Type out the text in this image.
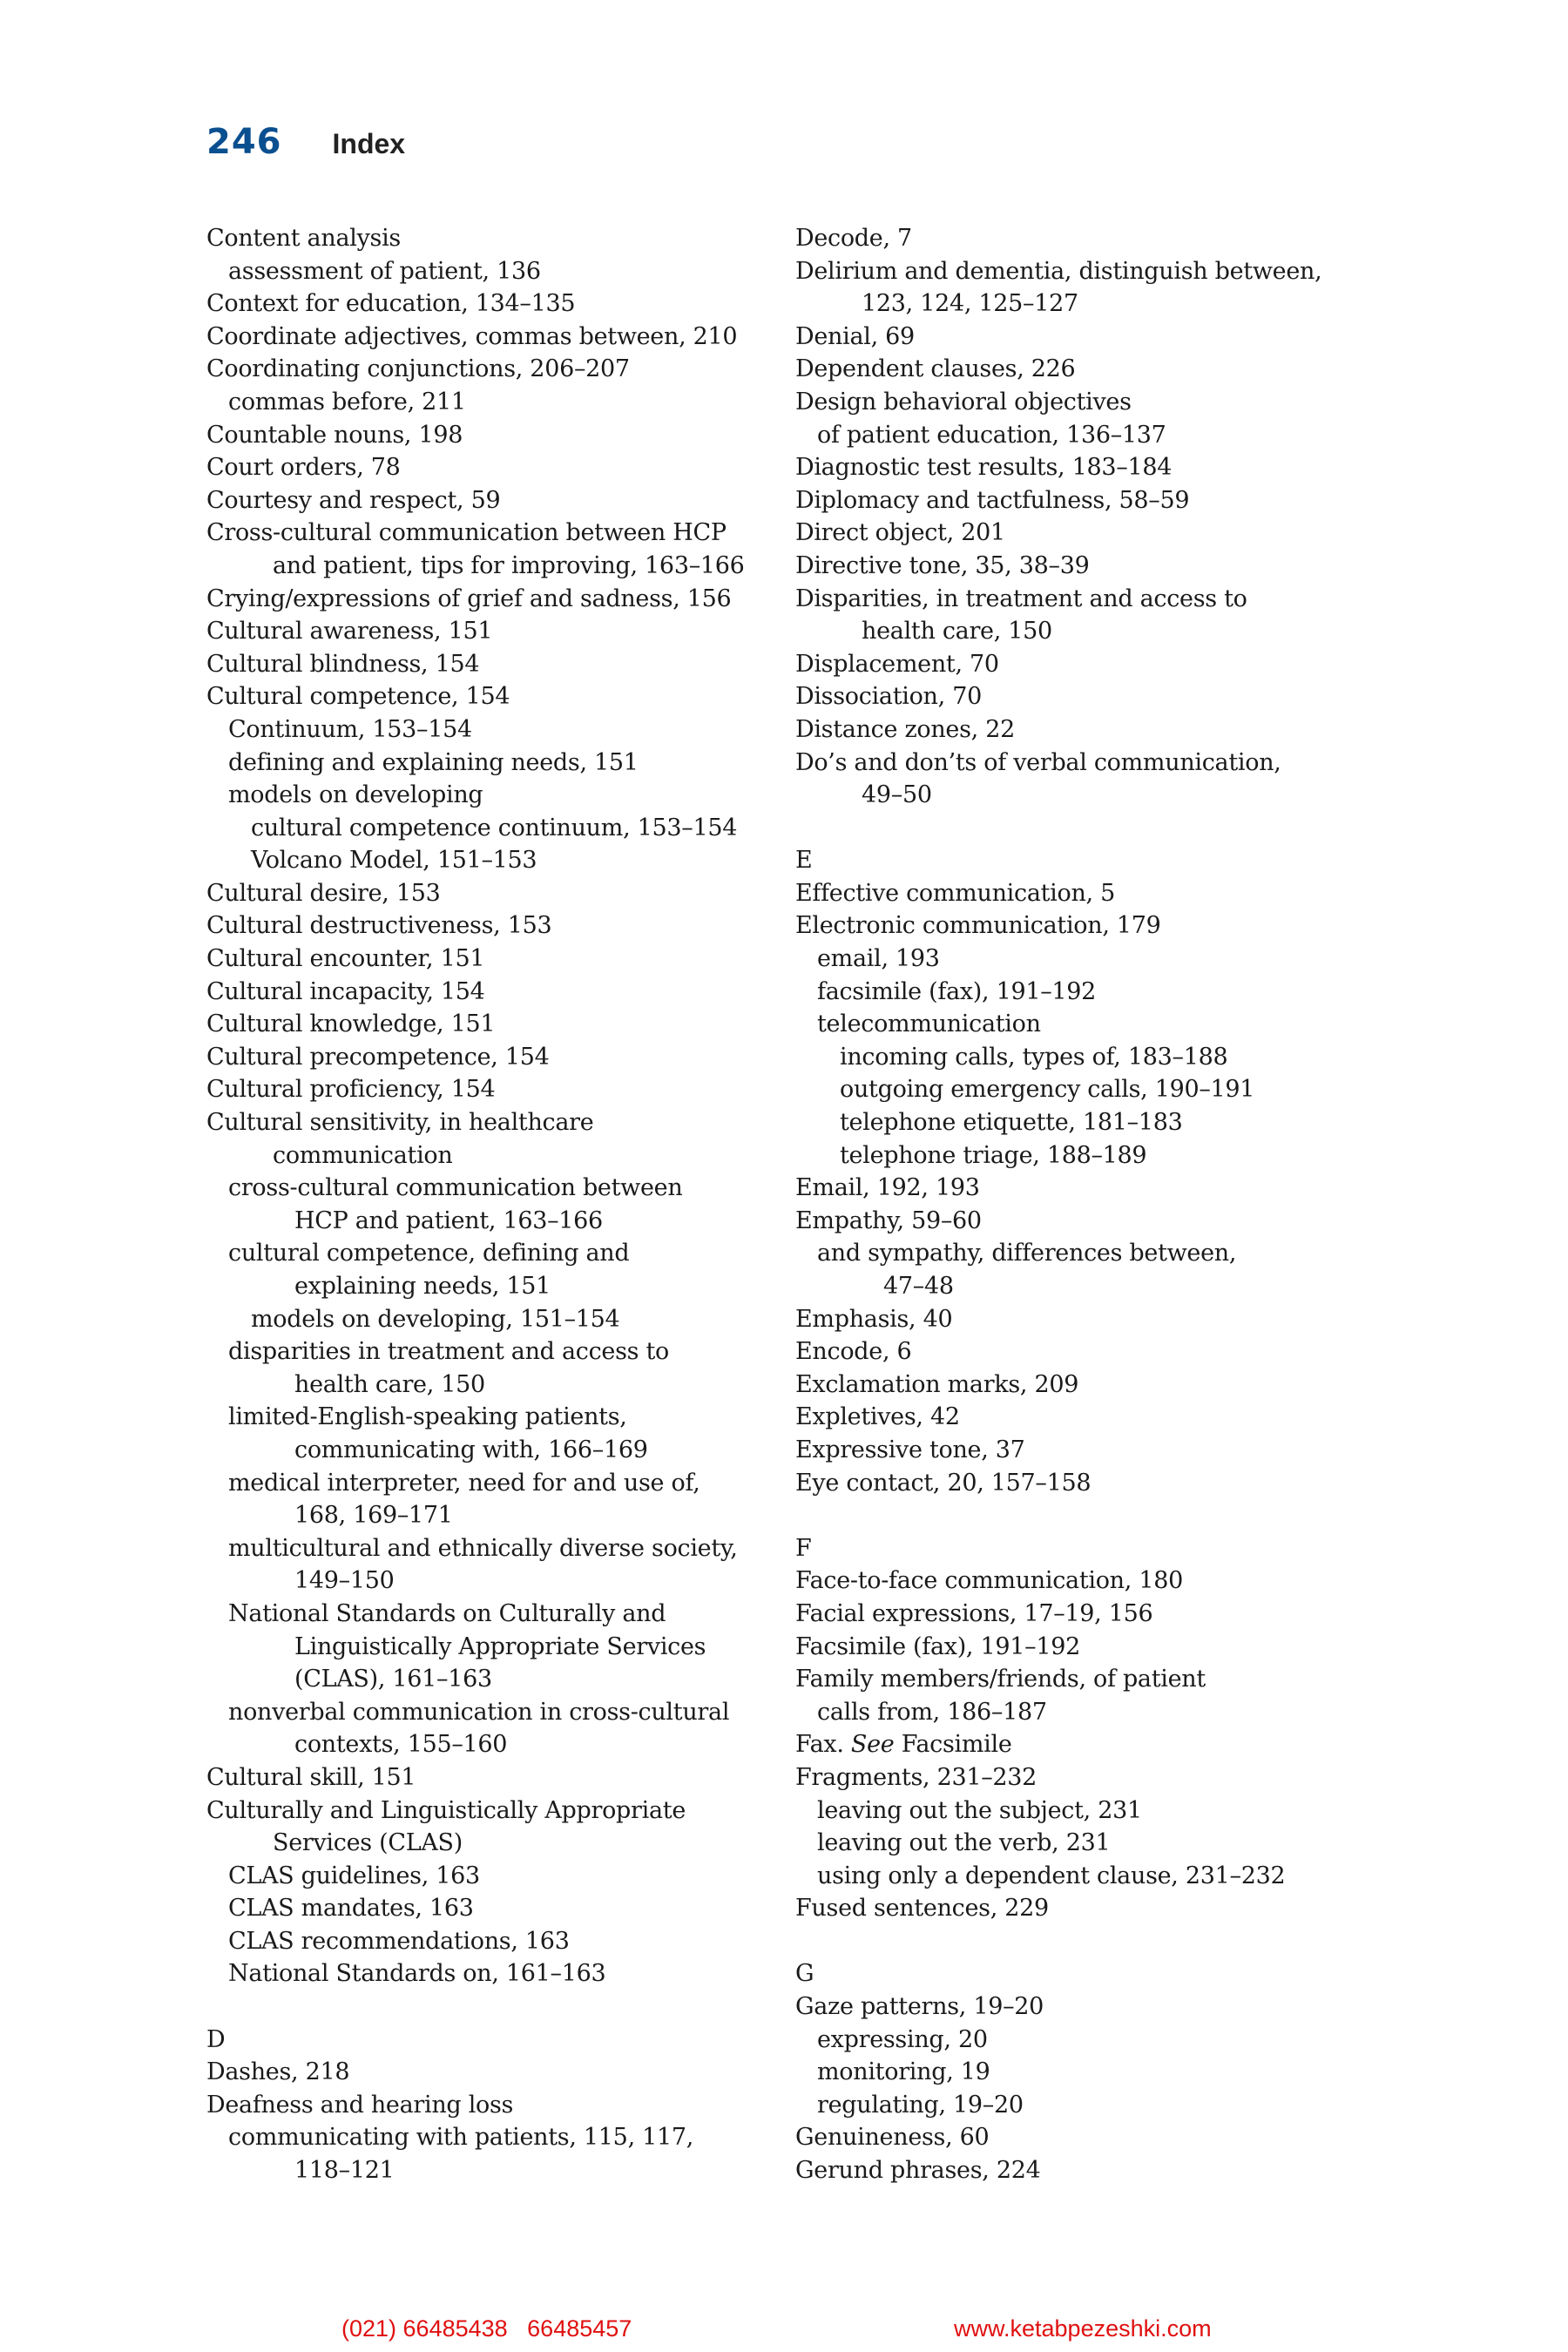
246 Index
Content analysis
assessment of patient, 136
Context for education, 134–135
Coordinate adjectives, commas between, 210
Coordinating conjunctions, 206–207
commas before, 211
Countable nouns, 198
Court orders, 78
Courtesy and respect, 59
Cross-cultural communication between HCP
and patient, tips for improving, 163–166
Crying/expressions of grief and sadness, 156
Cultural awareness, 151
Cultural blindness, 154
Cultural competence, 154
Continuum, 153–154
defining and explaining needs, 151
models on developing
cultural competence continuum, 153–154
Volcano Model, 151–153
Cultural desire, 153
Cultural destructiveness, 153
Cultural encounter, 151
Cultural incapacity, 154
Cultural knowledge, 151
Cultural precompetence, 154
Cultural proficiency, 154
Cultural sensitivity, in healthcare
communication
cross-cultural communication between
HCP and patient, 163–166
cultural competence, defining and
explaining needs, 151
models on developing, 151–154
disparities in treatment and access to
health care, 150
limited-English-speaking patients,
communicating with, 166–169
medical interpreter, need for and use of,
168, 169–171
multicultural and ethnically diverse society,
149–150
National Standards on Culturally and
Linguistically Appropriate Services
(CLAS), 161–163
nonverbal communication in cross-cultural
contexts, 155–160
Cultural skill, 151
Culturally and Linguistically Appropriate
Services (CLAS)
CLAS guidelines, 163
CLAS mandates, 163
CLAS recommendations, 163
National Standards on, 161–163
D
Dashes, 218
Deafness and hearing loss
communicating with patients, 115, 117,
118–121
Decode, 7
Delirium and dementia, distinguish between,
123, 124, 125–127
Denial, 69
Dependent clauses, 226
Design behavioral objectives
of patient education, 136–137
Diagnostic test results, 183–184
Diplomacy and tactfulness, 58–59
Direct object, 201
Directive tone, 35, 38–39
Disparities, in treatment and access to
health care, 150
Displacement, 70
Dissociation, 70
Distance zones, 22
Do’s and don’ts of verbal communication,
49–50
E
Effective communication, 5
Electronic communication, 179
email, 193
facsimile (fax), 191–192
telecommunication
incoming calls, types of, 183–188
outgoing emergency calls, 190–191
telephone etiquette, 181–183
telephone triage, 188–189
Email, 192, 193
Empathy, 59–60
and sympathy, differences between,
47–48
Emphasis, 40
Encode, 6
Exclamation marks, 209
Expletives, 42
Expressive tone, 37
Eye contact, 20, 157–158
F
Face-to-face communication, 180
Facial expressions, 17–19, 156
Facsimile (fax), 191–192
Family members/friends, of patient
calls from, 186–187
Fax. See Facsimile
Fragments, 231–232
leaving out the subject, 231
leaving out the verb, 231
using only a dependent clause, 231–232
Fused sentences, 229
G
Gaze patterns, 19–20
expressing, 20
monitoring, 19
regulating, 19–20
Genuineness, 60
Gerund phrases, 224
(021) 66485438   66485457	www.ketabpezeshki.com
